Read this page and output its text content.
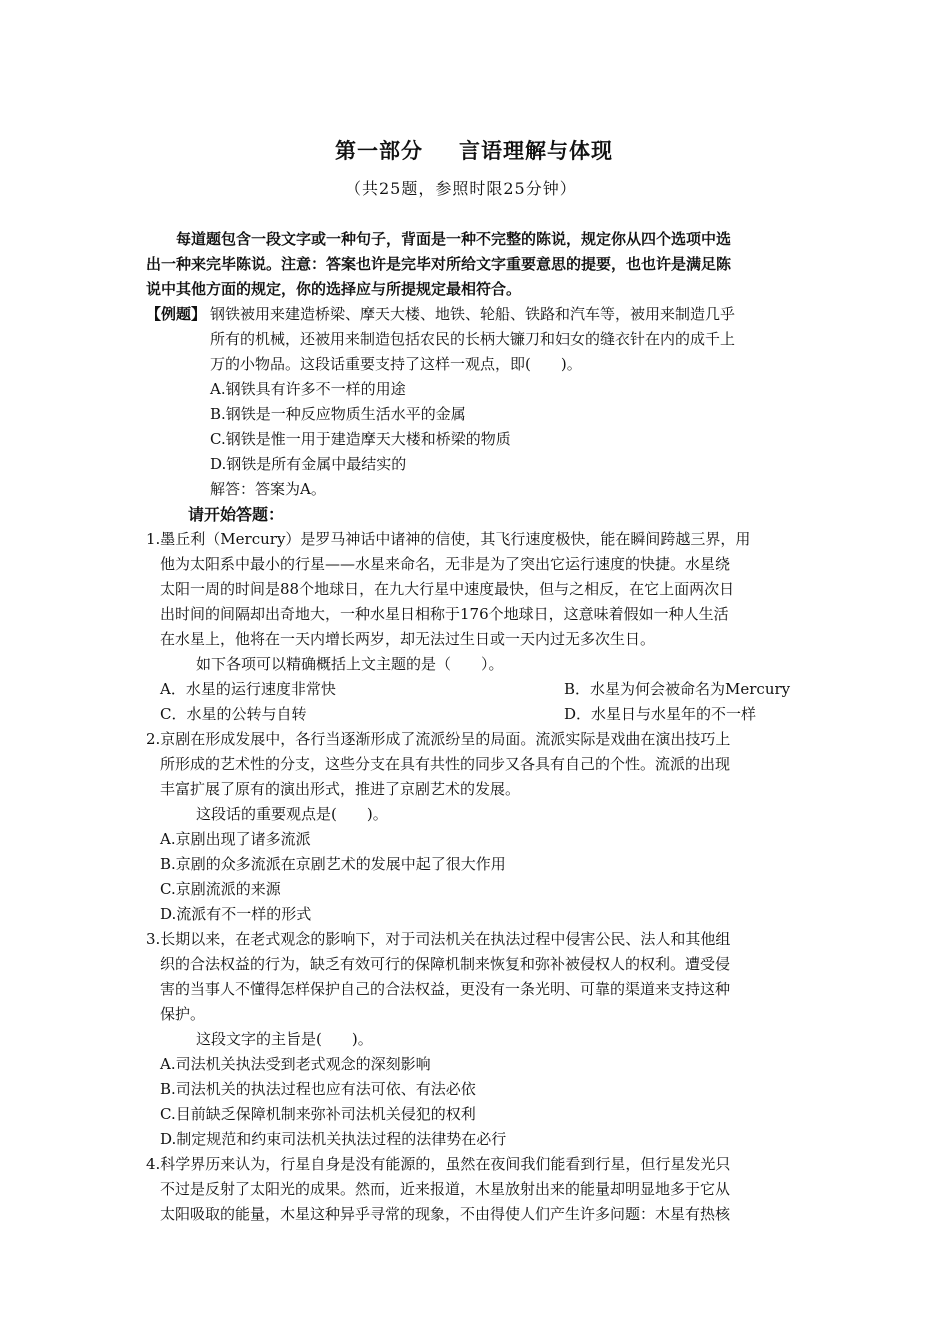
第一部分 言语理解与体现
（共25题，参照时限25分钟）
每道题包含一段文字或一种句子，背面是一种不完整的陈说，规定你从四个选项中选
出一种来完毕陈说。注意：答案也许是完毕对所给文字重要意思的提要，也也许是满足陈
说中其他方面的规定，你的选择应与所提规定最相符合。
【例题】 钢铁被用来建造桥梁、摩天大楼、地铁、轮船、铁路和汽车等，被用来制造几乎
所有的机械，还被用来制造包括农民的长柄大镰刀和妇女的缝衣针在内的成千上
万的小物品。这段话重要支持了这样一观点，即(　　)。
A.钢铁具有许多不一样的用途
B.钢铁是一种反应物质生活水平的金属
C.钢铁是惟一用于建造摩天大楼和桥梁的物质
D.钢铁是所有金属中最结实的
解答：答案为A。
请开始答题：
1.墨丘利（Mercury）是罗马神话中诸神的信使，其飞行速度极快，能在瞬间跨越三界，用
他为太阳系中最小的行星——水星来命名，无非是为了突出它运行速度的快捷。水星绕
太阳一周的时间是88个地球日，在九大行星中速度最快，但与之相反，在它上面两次日
出时间的间隔却出奇地大，一种水星日相称于176个地球日，这意味着假如一种人生活
在水星上，他将在一天内增长两岁，却无法过生日或一天内过无多次生日。
如下各项可以精确概括上文主题的是（　　）。
A．水星的运行速度非常快	B．水星为何会被命名为Mercury
C．水星的公转与自转	D．水星日与水星年的不一样
2.京剧在形成发展中，各行当逐渐形成了流派纷呈的局面。流派实际是戏曲在演出技巧上
所形成的艺术性的分支，这些分支在具有共性的同步又各具有自己的个性。流派的出现
丰富扩展了原有的演出形式，推进了京剧艺术的发展。
这段话的重要观点是(　　)。
A.京剧出现了诸多流派
B.京剧的众多流派在京剧艺术的发展中起了很大作用
C.京剧流派的来源
D.流派有不一样的形式
3.长期以来，在老式观念的影响下，对于司法机关在执法过程中侵害公民、法人和其他组
织的合法权益的行为，缺乏有效可行的保障机制来恢复和弥补被侵权人的权利。遭受侵
害的当事人不懂得怎样保护自己的合法权益，更没有一条光明、可靠的渠道来支持这种
保护。
这段文字的主旨是(　　)。
A.司法机关执法受到老式观念的深刻影响
B.司法机关的执法过程也应有法可依、有法必依
C.目前缺乏保障机制来弥补司法机关侵犯的权利
D.制定规范和约束司法机关执法过程的法律势在必行
4.科学界历来认为，行星自身是没有能源的，虽然在夜间我们能看到行星，但行星发光只
不过是反射了太阳光的成果。然而，近来报道，木星放射出来的能量却明显地多于它从
太阳吸取的能量，木星这种异乎寻常的现象，不由得使人们产生许多问题：木星有热核
